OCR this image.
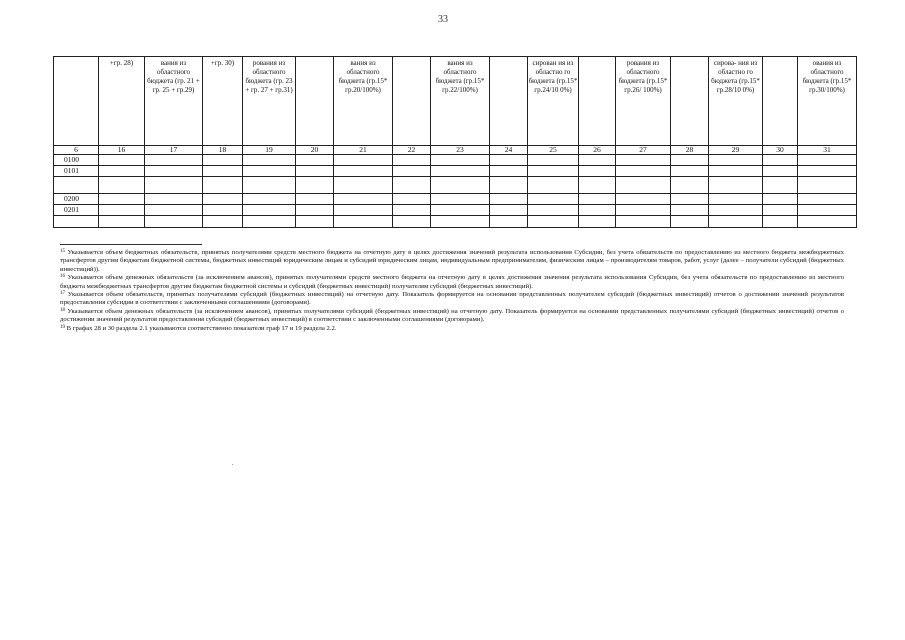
33
	+гр. 28)	вания из областного бюджета (гр. 21 + гр. 25 + гр.29)	+гр. 30)	рования из областного бюджета (гр. 23 + гр. 27 + гр.31)		вания из областного бюджета (гр.15* гр.20/100%)		вания из областного бюджета (гр.15* гр.22/100%)		сирован ия из областно го бюджета (гр.15* гр.24/10 0%)		рования из областного бюджета (гр.15* гр.26/ 100%)		сирова- ния из областно го бюджета (гр.15* гр.28/10 0%)		ования из областного бюджета (гр.15* гр.30/100%)
6	16	17	18	19	20	21	22	23	24	25	26	27	28	29	30	31
0100																
0101																

0200																
0201																

$^{15}$ Указывается объем бюджетных обязательств, принятых получателями средств местного бюджета на отчетную дату в целях достижения значений результата использования Субсидии, без учета обязательств по предоставлению из местного бюджета межбюджетных трансфертов другим бюджетам бюджетной системы, бюджетных инвестиций юридическим лицам и субсидий юридическим лицам, индивидуальным предпринимателям, физическим лицам – производителям товаров, работ, услуг (далее – получатели субсидий (бюджетных инвестиций)).

$^{16}$ Указывается объем денежных обязательств (за исключением авансов), принятых получателями средств местного бюджета на отчетную дату в целях достижения значения результата использования Субсидии, без учета обязательств по предоставлению из местного бюджета межбюджетных трансфертов другим бюджетам бюджетной системы и субсидий (бюджетных инвестиций) получателям субсидий (бюджетных инвестиций).

$^{17}$ Указывается объем обязательств, принятых получателями субсидий (бюджетных инвестиций) на отчетную дату. Показатель формируется на основании представленных получателем субсидий (бюджетных инвестиций) отчетов о достижении значений результатов предоставления субсидии в соответствии с заключенными соглашениями (договорами).

$^{18}$ Указывается объем денежных обязательств (за исключением авансов), принятых получателями субсидий (бюджетных инвестиций) на отчетную дату. Показатель формируется на основании представленных получателями субсидий (бюджетных инвестиций) отчетов о достижении значений результатов предоставления субсидий (бюджетных инвестиций) в соответствии с заключенными соглашениями (договорами).

$^{19}$ В графах 28 и 30 раздела 2.1 указываются соответственно показатели граф 17 и 19 раздела 2.2.
